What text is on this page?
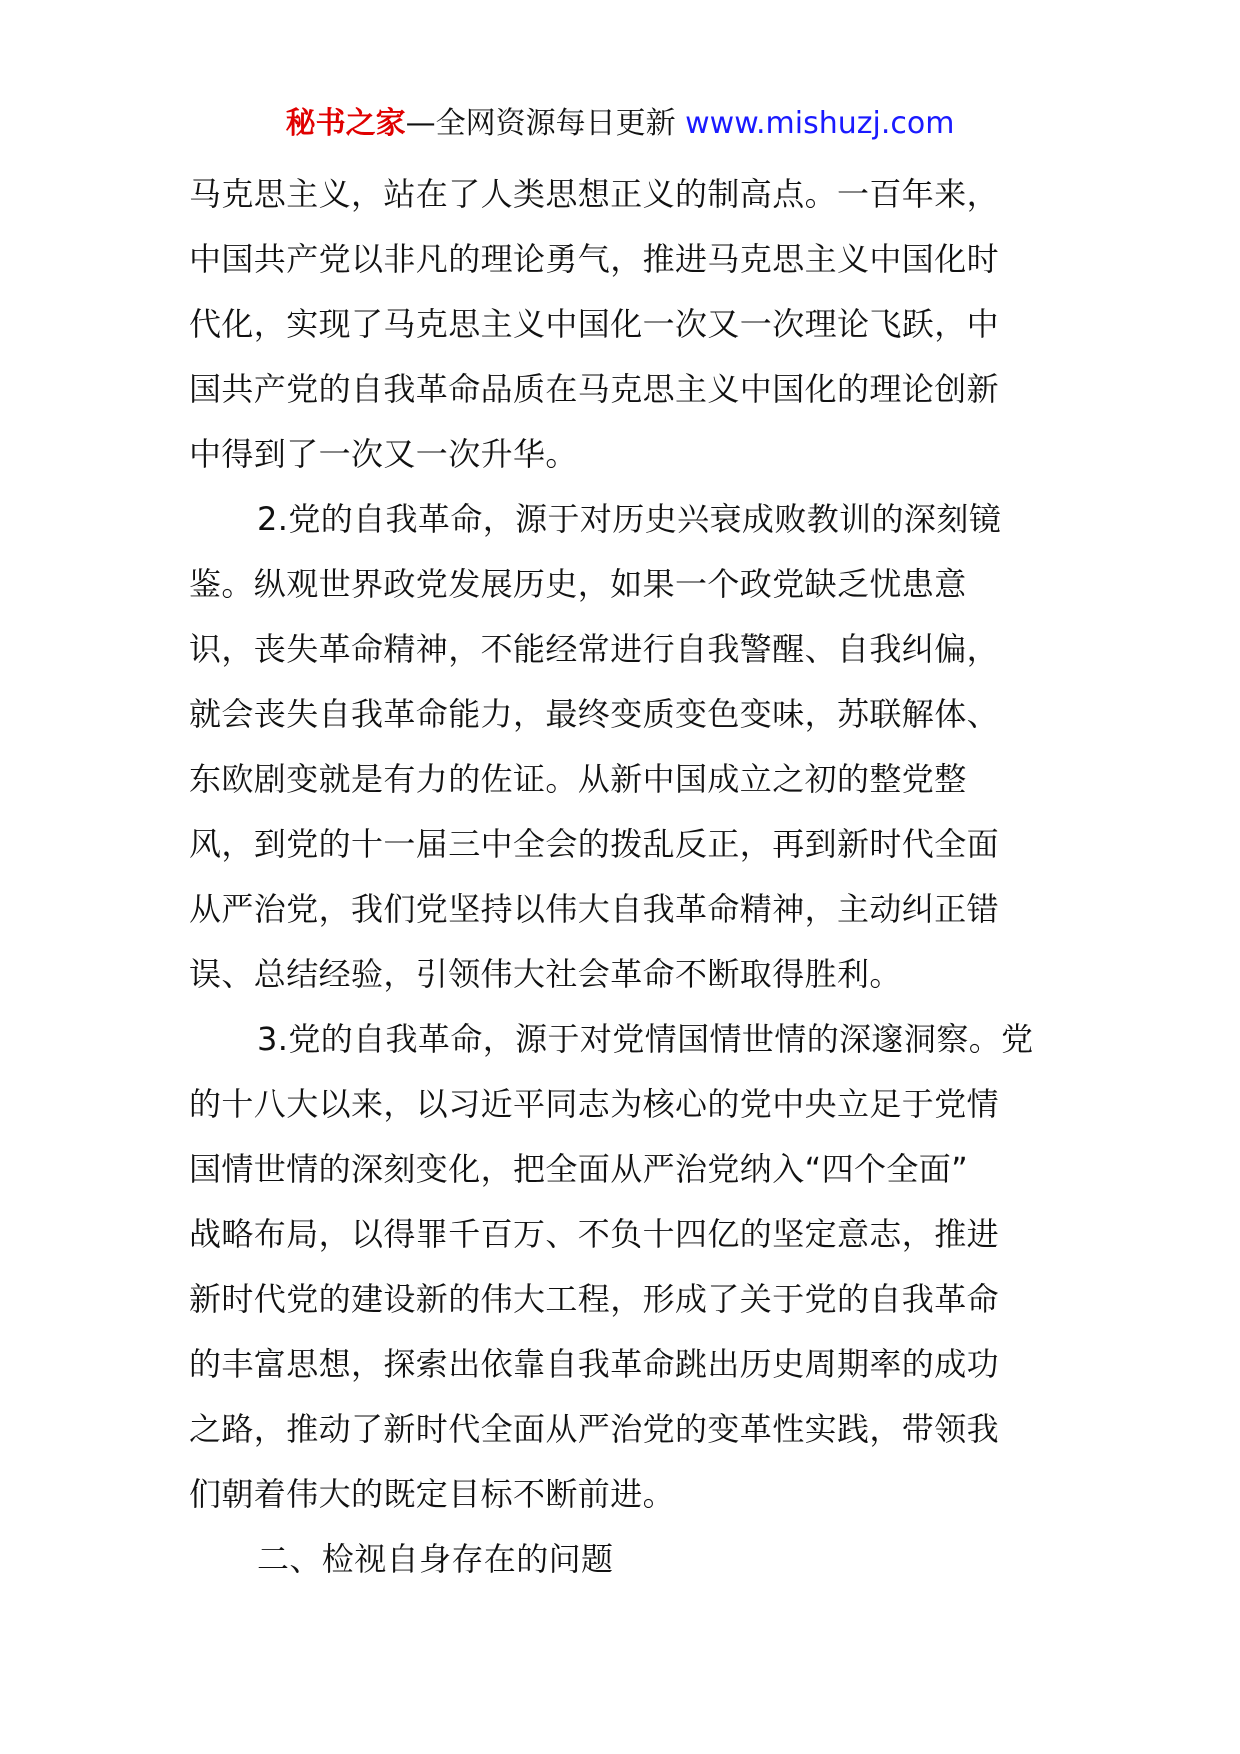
秘书之家—全网资源每日更新 www.mishuzj.com
马克思主义，站在了人类思想正义的制高点。一百年来，
中国共产党以非凡的理论勇气，推进马克思主义中国化时
代化，实现了马克思主义中国化一次又一次理论飞跃，中
国共产党的自我革命品质在马克思主义中国化的理论创新
中得到了一次又一次升华。
2.党的自我革命，源于对历史兴衰成败教训的深刻镜
鉴。纵观世界政党发展历史，如果一个政党缺乏忧患意
识，丧失革命精神，不能经常进行自我警醒、自我纠偏，
就会丧失自我革命能力，最终变质变色变味，苏联解体、
东欧剧变就是有力的佐证。从新中国成立之初的整党整
风，到党的十一届三中全会的拨乱反正，再到新时代全面
从严治党，我们党坚持以伟大自我革命精神，主动纠正错
误、总结经验，引领伟大社会革命不断取得胜利。
3.党的自我革命，源于对党情国情世情的深邃洞察。党
的十八大以来，以习近平同志为核心的党中央立足于党情
国情世情的深刻变化，把全面从严治党纳入“四个全面”
战略布局，以得罪千百万、不负十四亿的坚定意志，推进
新时代党的建设新的伟大工程，形成了关于党的自我革命
的丰富思想，探索出依靠自我革命跳出历史周期率的成功
之路，推动了新时代全面从严治党的变革性实践，带领我
们朝着伟大的既定目标不断前进。
二、检视自身存在的问题
